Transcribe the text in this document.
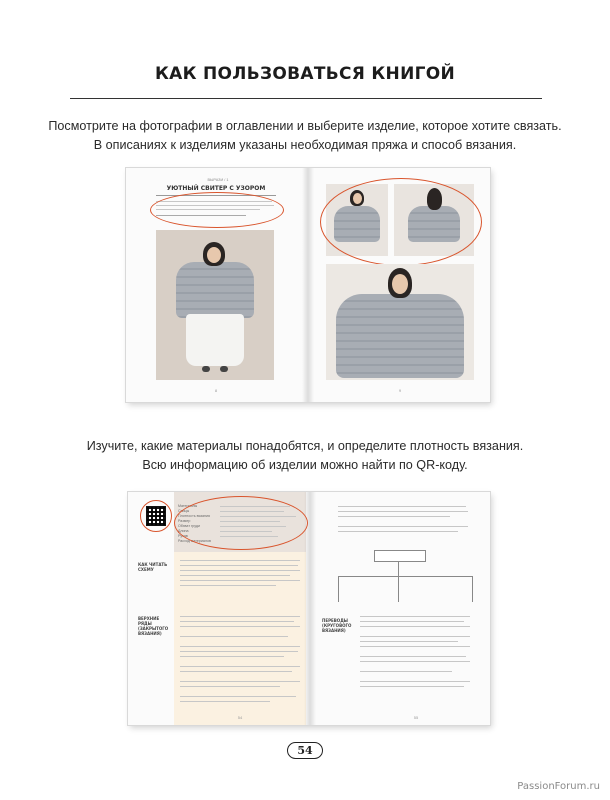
КАК ПОЛЬЗОВАТЬСЯ КНИГОЙ
Посмотрите на фотографии в оглавлении и выберите изделие, которое хотите связать.
В описаниях к изделиям указаны необходимая пряжа и способ вязания.
ВЫРАЗИ / 1
УЮТНЫЙ СВИТЕР С УЗОРОМ
8	9
Изучите, какие материалы понадобятся, и определите плотность вязания.
Всю информацию об изделии можно найти по QR-коду.
Материалы
Спицы
Плотность вязания
Размер
Обхват груди
Длина
Рукав
Расход материалов
КАК ЧИТАТЬ СХЕМУ
ВЕРХНИЕ РЯДЫ (ЗАКРЫТОГО ВЯЗАНИЯ)
54
ПЕРЕВОДЫ (КРУГОВОГО ВЯЗАНИЯ)
55
54
PassionForum.ru
